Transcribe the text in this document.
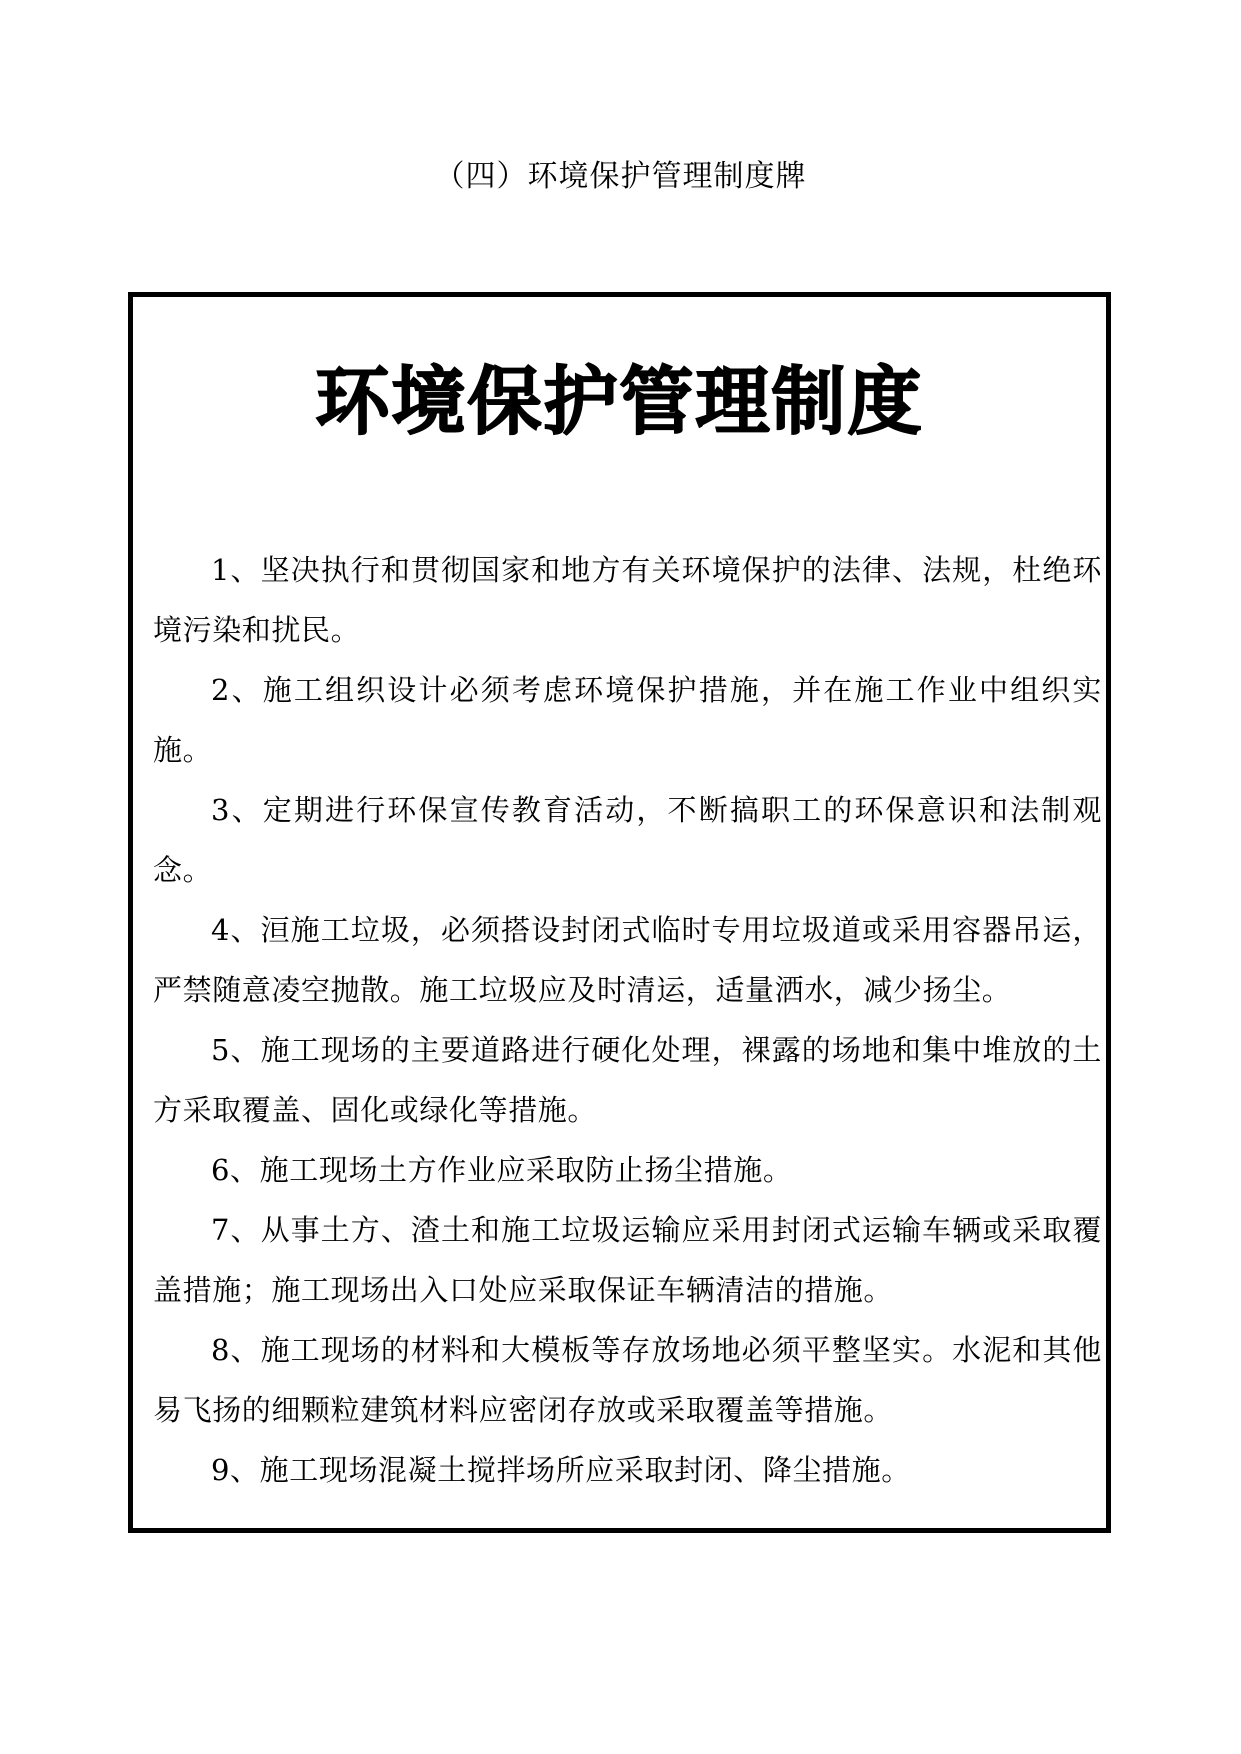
（四）环境保护管理制度牌
环境保护管理制度
1、坚决执行和贯彻国家和地方有关环境保护的法律、法规，杜绝环境污染和扰民。
2、施工组织设计必须考虑环境保护措施，并在施工作业中组织实施。
3、定期进行环保宣传教育活动，不断搞职工的环保意识和法制观念。
4、洹施工垃圾，必须搭设封闭式临时专用垃圾道或采用容器吊运，严禁随意凌空抛散。施工垃圾应及时清运，适量洒水，减少扬尘。
5、施工现场的主要道路进行硬化处理，裸露的场地和集中堆放的土方采取覆盖、固化或绿化等措施。
6、施工现场土方作业应采取防止扬尘措施。
7、从事土方、渣土和施工垃圾运输应采用封闭式运输车辆或采取覆盖措施；施工现场出入口处应采取保证车辆清洁的措施。
8、施工现场的材料和大模板等存放场地必须平整坚实。水泥和其他易飞扬的细颗粒建筑材料应密闭存放或采取覆盖等措施。
9、施工现场混凝土搅拌场所应采取封闭、降尘措施。
